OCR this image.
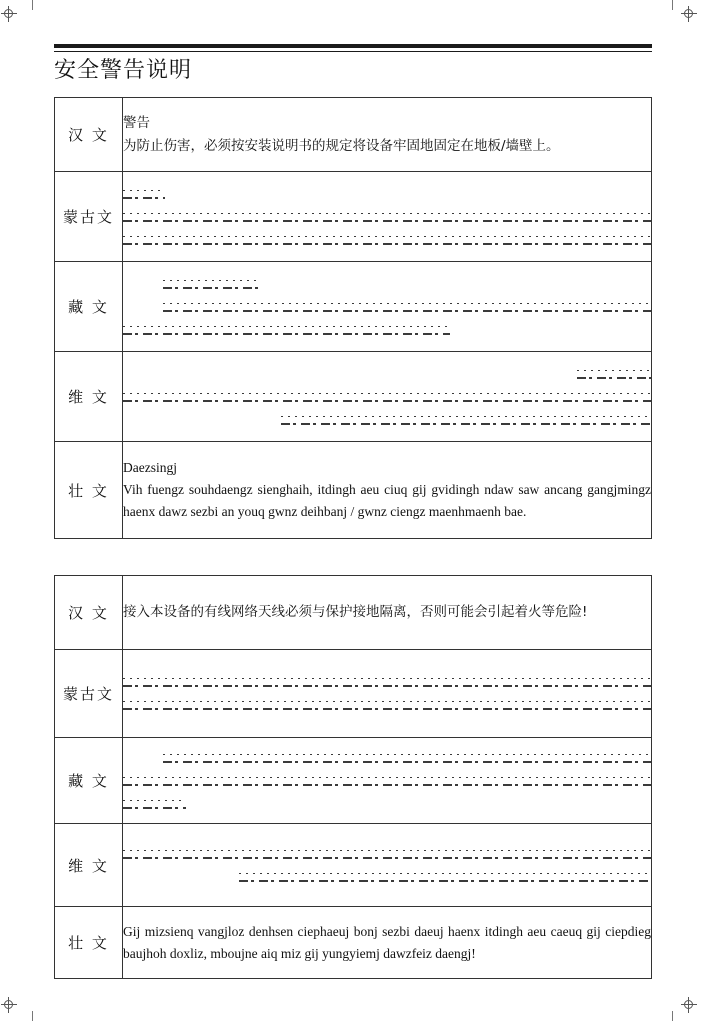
安全警告说明
汉 文	警告
为防止伤害，必须按安装说明书的规定将设备牢固地固定在地板/墙壁上。

蒙古文	

藏 文	

维 文	

壮 文	Daezsingj
Vih fuengz souhdaengz sienghaih, itdingh aeu ciuq gij gvidingh ndaw saw ancang gangjmingz haenx dawz sezbi an youq gwnz deihbanj / gwnz ciengz maenhmaenh bae.
汉 文	接入本设备的有线网络天线必须与保护接地隔离，否则可能会引起着火等危险!

蒙古文	

藏 文	

维 文	

壮 文	Gij mizsienq vangjloz denhsen ciephaeuj bonj sezbi daeuj haenx itdingh aeu caeuq gij ciepdieg baujhoh doxliz, mboujne aiq miz gij yungyiemj dawzfeiz daengj!
